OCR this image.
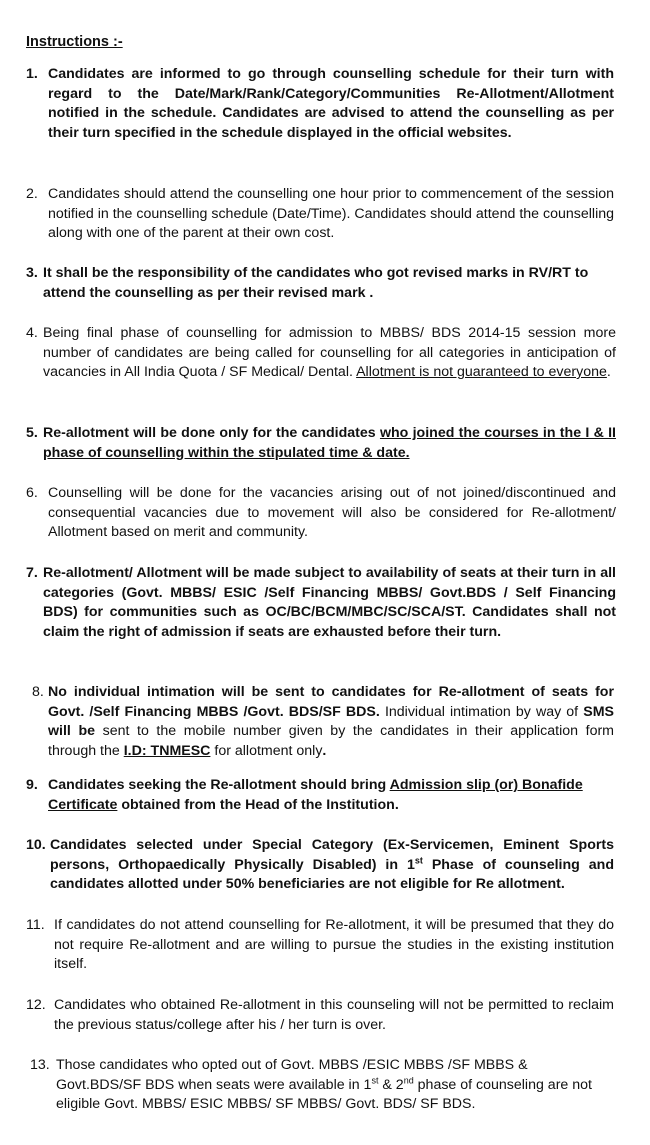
Instructions :-
1. Candidates are informed to go through counselling schedule for their turn with regard to the Date/Mark/Rank/Category/Communities Re-Allotment/Allotment notified in the schedule. Candidates are advised to attend the counselling as per their turn specified in the schedule displayed in the official websites.
2. Candidates should attend the counselling one hour prior to commencement of the session notified in the counselling schedule (Date/Time). Candidates should attend the counselling along with one of the parent at their own cost.
3. It shall be the responsibility of the candidates who got revised marks in RV/RT to attend the counselling as per their revised mark .
4. Being final phase of counselling for admission to MBBS/ BDS 2014-15 session more number of candidates are being called for counselling for all categories in anticipation of vacancies in All India Quota / SF Medical/ Dental. Allotment is not guaranteed to everyone.
5. Re-allotment will be done only for the candidates who joined the courses in the I & II phase of counselling within the stipulated time & date.
6. Counselling will be done for the vacancies arising out of not joined/discontinued and consequential vacancies due to movement will also be considered for Re-allotment/ Allotment based on merit and community.
7. Re-allotment/ Allotment will be made subject to availability of seats at their turn in all categories (Govt. MBBS/ ESIC /Self Financing MBBS/ Govt.BDS / Self Financing BDS) for communities such as OC/BC/BCM/MBC/SC/SCA/ST. Candidates shall not claim the right of admission if seats are exhausted before their turn.
8. No individual intimation will be sent to candidates for Re-allotment of seats for Govt. /Self Financing MBBS /Govt. BDS/SF BDS. Individual intimation by way of SMS will be sent to the mobile number given by the candidates in their application form through the I.D: TNMESC for allotment only.
9. Candidates seeking the Re-allotment should bring Admission slip (or) Bonafide Certificate obtained from the Head of the Institution.
10. Candidates selected under Special Category (Ex-Servicemen, Eminent Sports persons, Orthopaedically Physically Disabled) in 1st Phase of counseling and candidates allotted under 50% beneficiaries are not eligible for Re allotment.
11. If candidates do not attend counselling for Re-allotment, it will be presumed that they do not require Re-allotment and are willing to pursue the studies in the existing institution itself.
12. Candidates who obtained Re-allotment in this counseling will not be permitted to reclaim the previous status/college after his / her turn is over.
13. Those candidates who opted out of Govt. MBBS /ESIC MBBS /SF MBBS & Govt.BDS/SF BDS when seats were available in 1st & 2nd phase of counseling are not eligible Govt. MBBS/ ESIC MBBS/ SF MBBS/ Govt. BDS/ SF BDS.
